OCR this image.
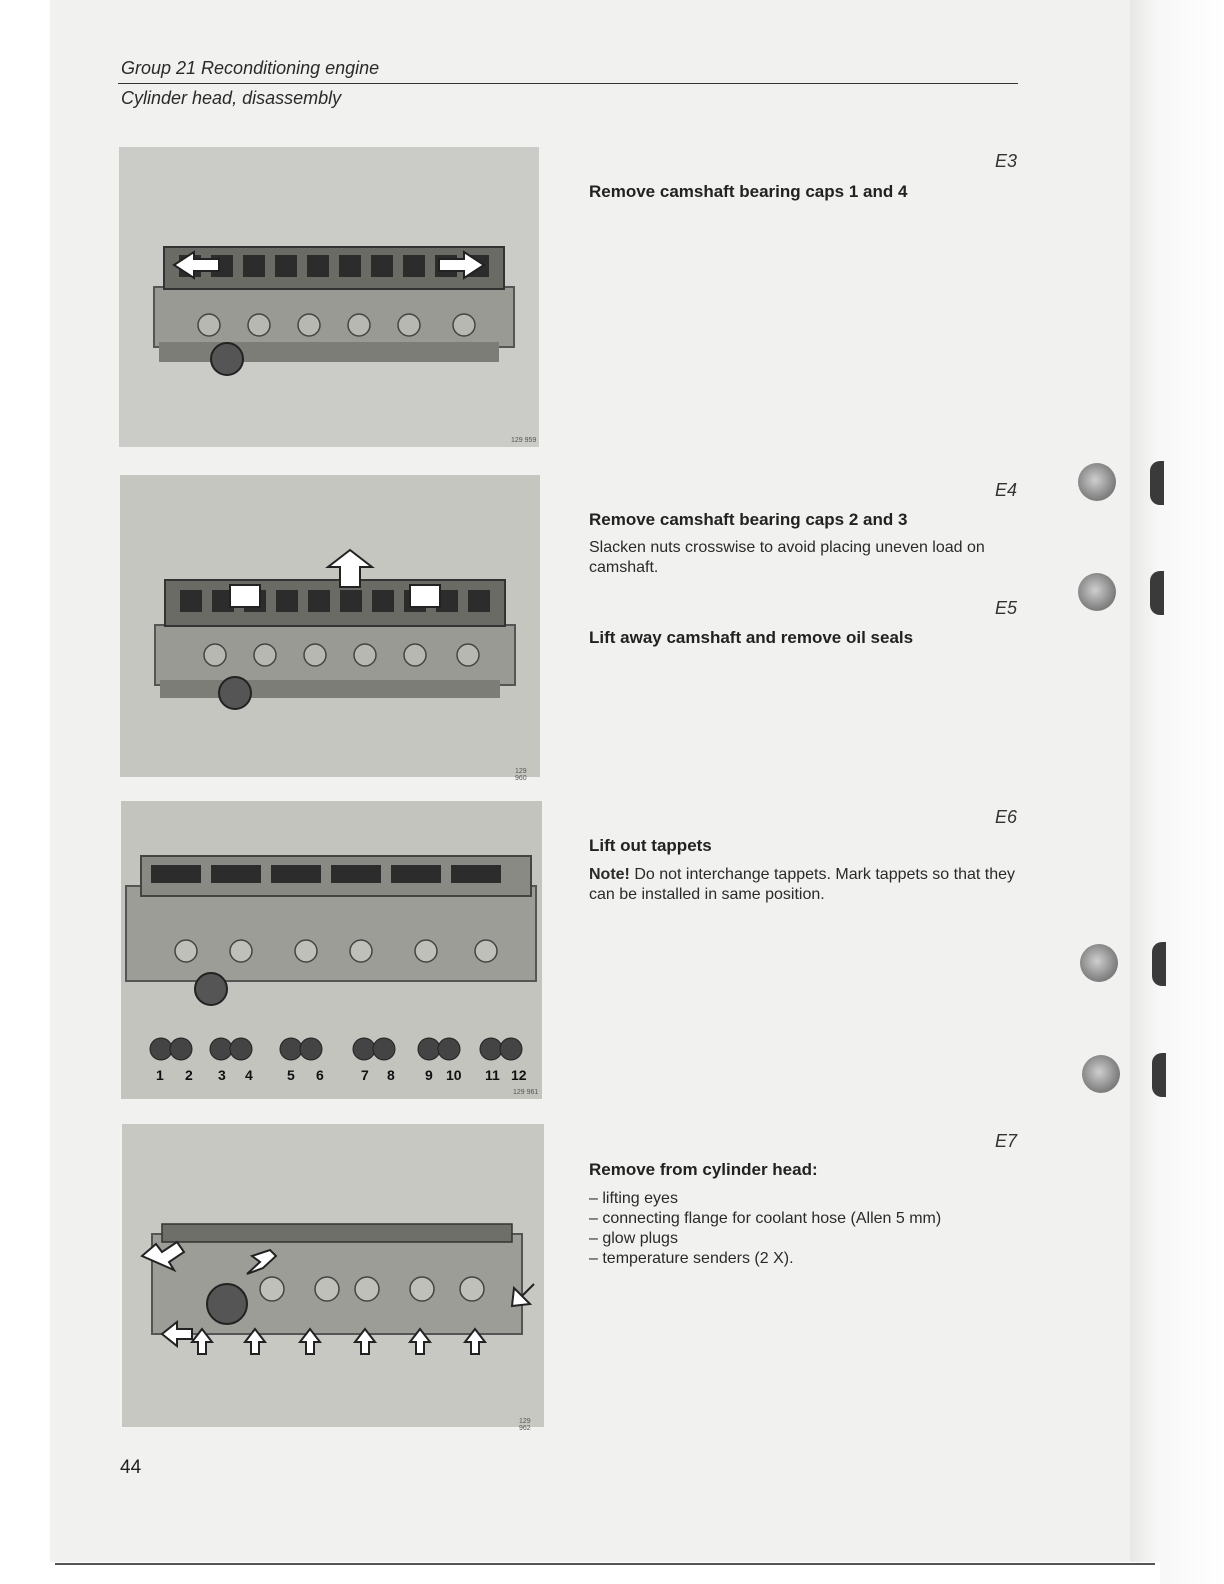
Group 21 Reconditioning engine
Cylinder head, disassembly
129 959
129 960
1 2 3 4 5 6	7 8 9 10 11 12
129 961
129 962
E3
Remove camshaft bearing caps 1 and 4
E4
Remove camshaft bearing caps 2 and 3
Slacken nuts crosswise to avoid placing uneven load on camshaft.
E5
Lift away camshaft and remove oil seals
E6
Lift out tappets
Note! Do not interchange tappets. Mark tappets so that they can be installed in same position.
E7
Remove from cylinder head:
– lifting eyes
– connecting flange for coolant hose (Allen 5 mm)
– glow plugs
– temperature senders (2 X).
44
